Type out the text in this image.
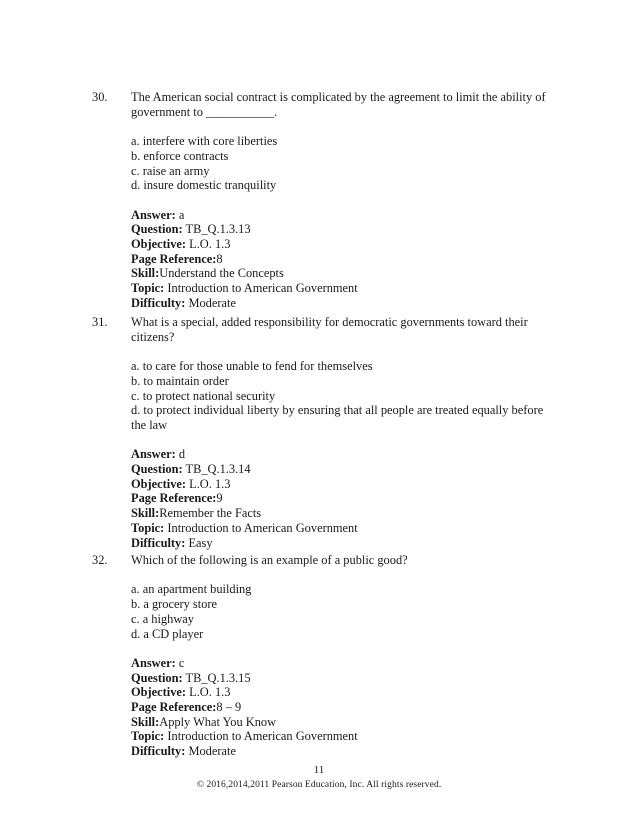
30. The American social contract is complicated by the agreement to limit the ability of
government to ___________.
a. interfere with core liberties
b. enforce contracts
c. raise an army
d. insure domestic tranquility
Answer: a
Question: TB_Q.1.3.13
Objective: L.O. 1.3
Page Reference:8
Skill:Understand the Concepts
Topic: Introduction to American Government
Difficulty: Moderate
31. What is a special, added responsibility for democratic governments toward their
citizens?
a. to care for those unable to fend for themselves
b. to maintain order
c. to protect national security
d. to protect individual liberty by ensuring that all people are treated equally before
the law
Answer: d
Question: TB_Q.1.3.14
Objective: L.O. 1.3
Page Reference:9
Skill:Remember the Facts
Topic: Introduction to American Government
Difficulty: Easy
32. Which of the following is an example of a public good?
a. an apartment building
b. a grocery store
c. a highway
d. a CD player
Answer: c
Question: TB_Q.1.3.15
Objective: L.O. 1.3
Page Reference:8 – 9
Skill:Apply What You Know
Topic: Introduction to American Government
Difficulty: Moderate
11
© 2016,2014,2011 Pearson Education, Inc. All rights reserved.
